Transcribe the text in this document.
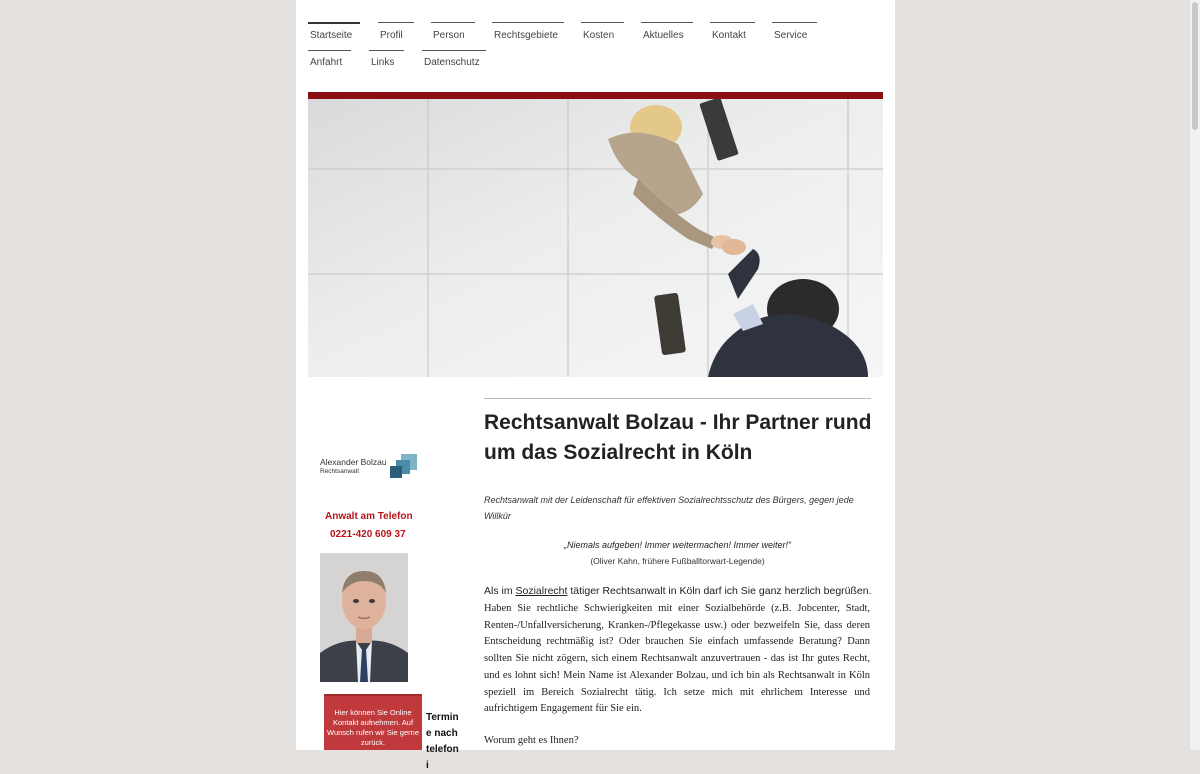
Startseite	Profil	Person	Rechtsgebiete	Kosten	Aktuelles	Kontakt	Service
Anfahrt	Links	Datenschutz
Alexander Bolzau
Rechtsanwalt
Anwalt am Telefon
0221-420 609 37
Hier können Sie Online Kontakt aufnehmen. Auf Wunsch rufen wir Sie gerne zurück.
Termin e nach telefoni
Rechtsanwalt Bolzau - Ihr Partner rund um das Sozialrecht in Köln
Rechtsanwalt mit der Leidenschaft für effektiven Sozialrechtsschutz des Bürgers, gegen jede Willkür
„Niemals aufgeben! Immer weitermachen! Immer weiter!“
(Oliver Kahn, frühere Fußballtorwart-Legende)
Als im Sozialrecht tätiger Rechtsanwalt in Köln darf ich Sie ganz herzlich begrüßen.
Haben Sie rechtliche Schwierigkeiten mit einer Sozialbehörde (z.B. Jobcenter, Stadt, Renten-/Unfallversicherung, Kranken-/Pflegekasse usw.) oder bezweifeln Sie, dass deren Entscheidung rechtmäßig ist? Oder brauchen Sie einfach umfassende Beratung? Dann sollten Sie nicht zögern, sich einem Rechtsanwalt anzuvertrauen - das ist Ihr gutes Recht, und es lohnt sich! Mein Name ist Alexander Bolzau, und ich bin als Rechtsanwalt in Köln speziell im Bereich Sozialrecht tätig. Ich setze mich mit ehrlichem Interesse und aufrichtigem Engagement für Sie ein.
Worum geht es Ihnen?
